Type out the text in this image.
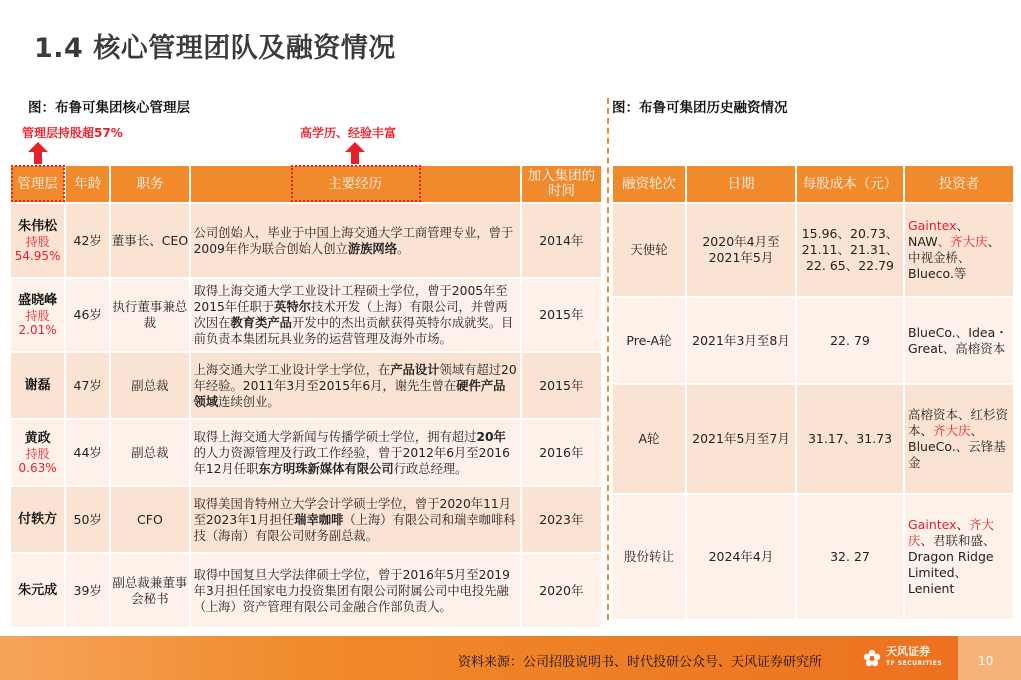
1.4 核心管理团队及融资情况
图：布鲁可集团核心管理层	图：布鲁可集团历史融资情况
管理层持股超57%	高学历、经验丰富
管理层	年龄	职务	主要经历	加入集团的时间

朱伟松
持股
54.95%	42岁	董事长、CEO	公司创始人，毕业于中国上海交通大学工商管理专业，曾于2009年作为联合创始人创立游族网络。	2014年

盛晓峰
持股
2.01%	46岁	执行董事兼总裁	取得上海交通大学工业设计工程硕士学位，曾于2005年至2015年任职于英特尔技术开发（上海）有限公司，并曾两次因在教育类产品开发中的杰出贡献获得英特尔成就奖。目前负责本集团玩具业务的运营管理及海外市场。	2015年

谢磊	47岁	副总裁	上海交通大学工业设计学士学位，在产品设计领域有超过20年经验。2011年3月至2015年6月，谢先生曾在硬件产品领域连续创业。	2015年

黄政
持股
0.63%	44岁	副总裁	取得上海交通大学新闻与传播学硕士学位，拥有超过20年的人力资源管理及行政工作经验，曾于2012年6月至2016年12月任职东方明珠新媒体有限公司行政总经理。	2016年

付轶方	50岁	CFO	取得美国肯特州立大学会计学硕士学位，曾于2020年11月至2023年1月担任瑞幸咖啡（上海）有限公司和瑞幸咖啡科技（海南）有限公司财务副总裁。	2023年

朱元成	39岁	副总裁兼董事会秘书	取得中国复旦大学法律硕士学位，曾于2016年5月至2019年3月担任国家电力投资集团有限公司附属公司中电投先融（上海）资产管理有限公司金融合作部负责人。	2020年
融资轮次	日期	每股成本（元）	投资者
天使轮	2020年4月至2021年5月	15.96、20.73、21.11、21.31、22. 65、22.79	Gaintex、NAW、齐大庆、中视金桥、Blueco.等
Pre-A轮	2021年3月至8月	22. 79	BlueCo.、Idea・Great、高榕资本
A轮	2021年5月至7月	31.17、31.73	高榕资本、红杉资本、齐大庆、BlueCo.、云锋基金
股份转让	2024年4月	32. 27	Gaintex、齐大庆、君联和盛、Dragon Ridge Limited、Lenient
资料来源：公司招股说明书、时代投研公众号、天风证券研究所
天风证券
TF SECURITIES	10
